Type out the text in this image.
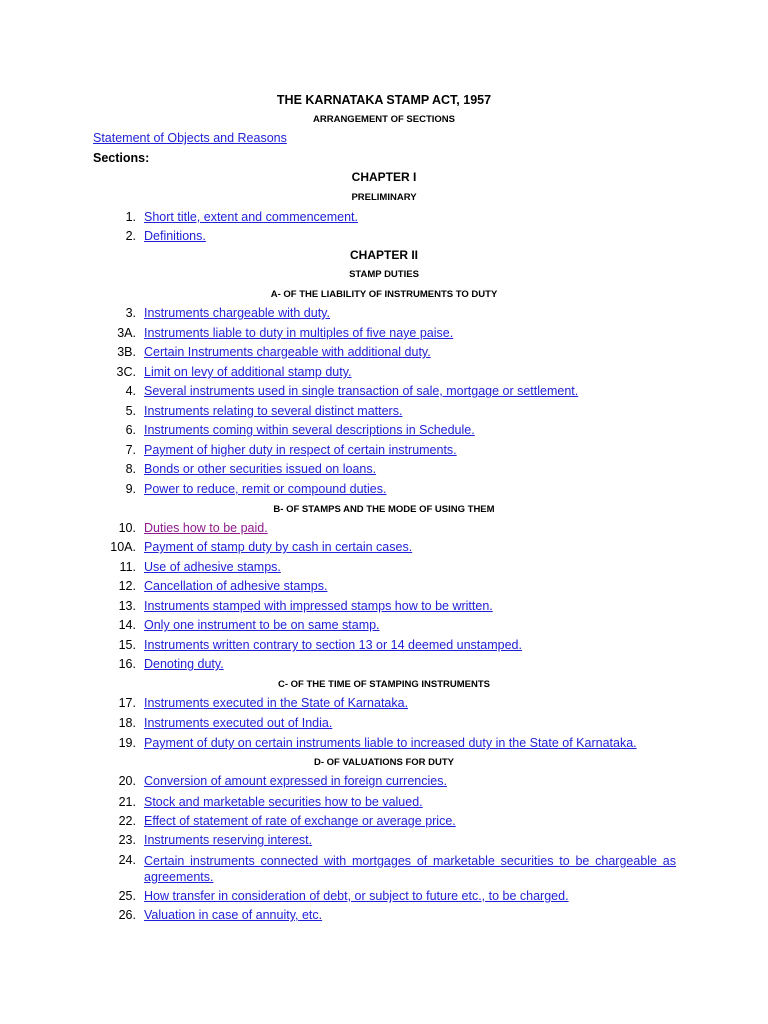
THE KARNATAKA STAMP ACT, 1957
ARRANGEMENT OF SECTIONS
Statement of Objects and Reasons
Sections:
CHAPTER I
PRELIMINARY
1. Short title, extent and commencement.
2. Definitions.
CHAPTER II
STAMP DUTIES
A- OF THE LIABILITY OF INSTRUMENTS TO DUTY
3. Instruments chargeable with duty.
3A. Instruments liable to duty in multiples of five naye paise.
3B. Certain Instruments chargeable with additional duty.
3C. Limit on levy of additional stamp duty.
4. Several instruments used in single transaction of sale, mortgage or settlement.
5. Instruments relating to several distinct matters.
6. Instruments coming within several descriptions in Schedule.
7. Payment of higher duty in respect of certain instruments.
8. Bonds or other securities issued on loans.
9. Power to reduce, remit or compound duties.
B- OF STAMPS AND THE MODE OF USING THEM
10. Duties how to be paid.
10A. Payment of stamp duty by cash in certain cases.
11. Use of adhesive stamps.
12. Cancellation of adhesive stamps.
13. Instruments stamped with impressed stamps how to be written.
14. Only one instrument to be on same stamp.
15. Instruments written contrary to section 13 or 14 deemed unstamped.
16. Denoting duty.
C- OF THE TIME OF STAMPING INSTRUMENTS
17. Instruments executed in the State of Karnataka.
18. Instruments executed out of India.
19. Payment of duty on certain instruments liable to increased duty in the State of Karnataka.
D- OF VALUATIONS FOR DUTY
20. Conversion of amount expressed in foreign currencies.
21. Stock and marketable securities how to be valued.
22. Effect of statement of rate of exchange or average price.
23. Instruments reserving interest.
24. Certain instruments connected with mortgages of marketable securities to be chargeable as agreements.
25. How transfer in consideration of debt, or subject to future etc., to be charged.
26. Valuation in case of annuity, etc.
